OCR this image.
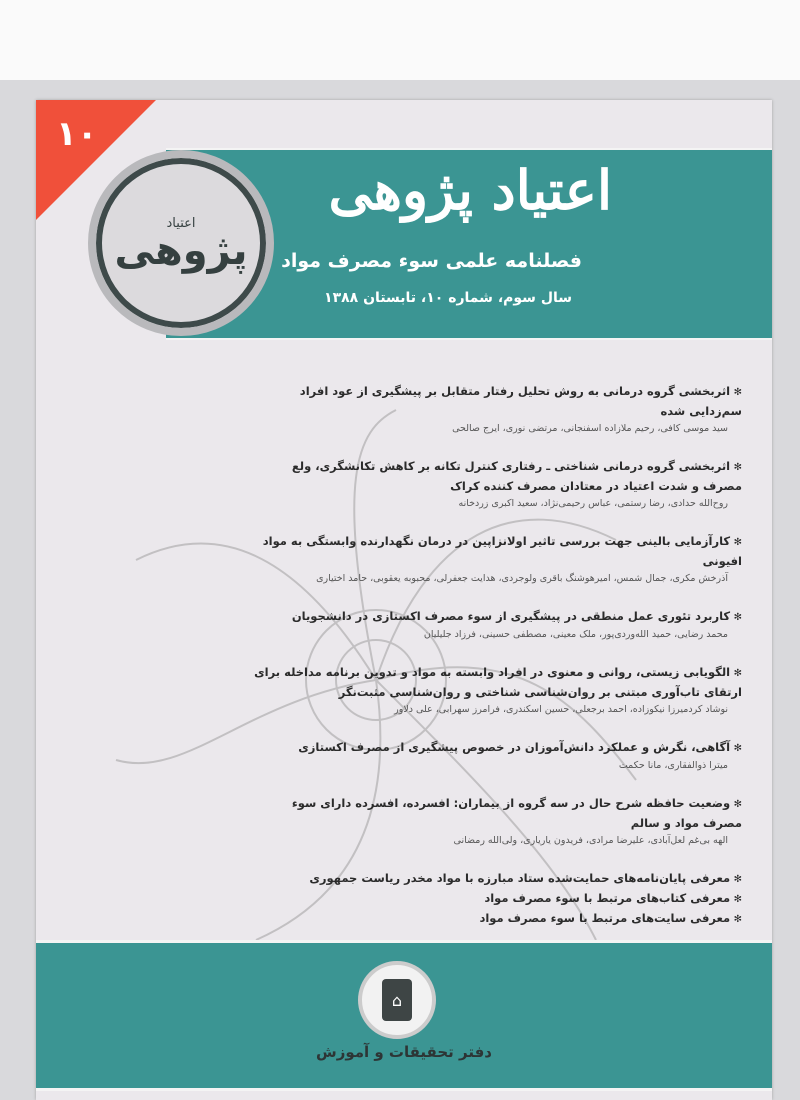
۱۰
اعتیاد
پژوهی
اعتیاد پژوهی
فصلنامه علمی سوء مصرف مواد
سال سوم، شماره ۱۰، تابستان ۱۳۸۸
✻ اثربخشی گروه درمانی به روش تحلیل رفتار متقابل بر پیشگیری از عود افراد سم‌زدایی شده
سید موسی کافی، رحیم ملازاده اسفنجانی، مرتضی نوری، ایرج صالحی
✻ اثربخشی گروه درمانی شناختی ـ رفتاری کنترل تکانه بر کاهش تکانشگری، ولع مصرف و شدت اعتیاد در معتادان مصرف کننده کراک
روح‌الله حدادی، رضا رستمی، عباس رحیمی‌نژاد، سعید اکبری زردخانه
✻ کارآزمایی بالینی جهت بررسی تاثیر اولانزاپین در درمان نگهدارنده وابستگی به مواد افیونی
آذرخش مکری، جمال شمس، امیرهوشنگ باقری ولوجردی، هدایت جعفرلی، محبوبه یعقوبی، حامد اختیاری
✻ کاربرد تئوری عمل منطقی در پیشگیری از سوء مصرف اکستازی در دانشجویان
محمد رضایی، حمید الله‌وردی‌پور، ملک معینی، مصطفی حسینی، فرزاد جلیلیان
✻ الگویابی زیستی، روانی و معنوی در افراد وابسته به مواد و تدوین برنامه مداخله برای ارتقای تاب‌آوری مبتنی بر روان‌شناسی شناختی و روان‌شناسی مثبت‌نگر
نوشاد کردمیرزا نیکوزاده، احمد برجعلی، حسین اسکندری، فرامرز سهرابی، علی دلاور
✻ آگاهی، نگرش و عملکرد دانش‌آموزان در خصوص پیشگیری از مصرف اکستازی
میترا ذوالفقاری، مانا حکمت
✻ وضعیت حافظه شرح حال در سه گروه از بیماران: افسرده، افسرده دارای سوء مصرف مواد و سالم
الهه بی‌غم لعل‌آبادی، علیرضا مرادی، فریدون یاریاری، ولی‌الله رمضانی
✻ معرفی پایان‌نامه‌های حمایت‌شده ستاد مبارزه با مواد مخدر ریاست جمهوری
✻ معرفی کتاب‌های مرتبط با سوء مصرف مواد
✻ معرفی سایت‌های مرتبط با سوء مصرف مواد
⌂
دفتر تحقیقات و آموزش
